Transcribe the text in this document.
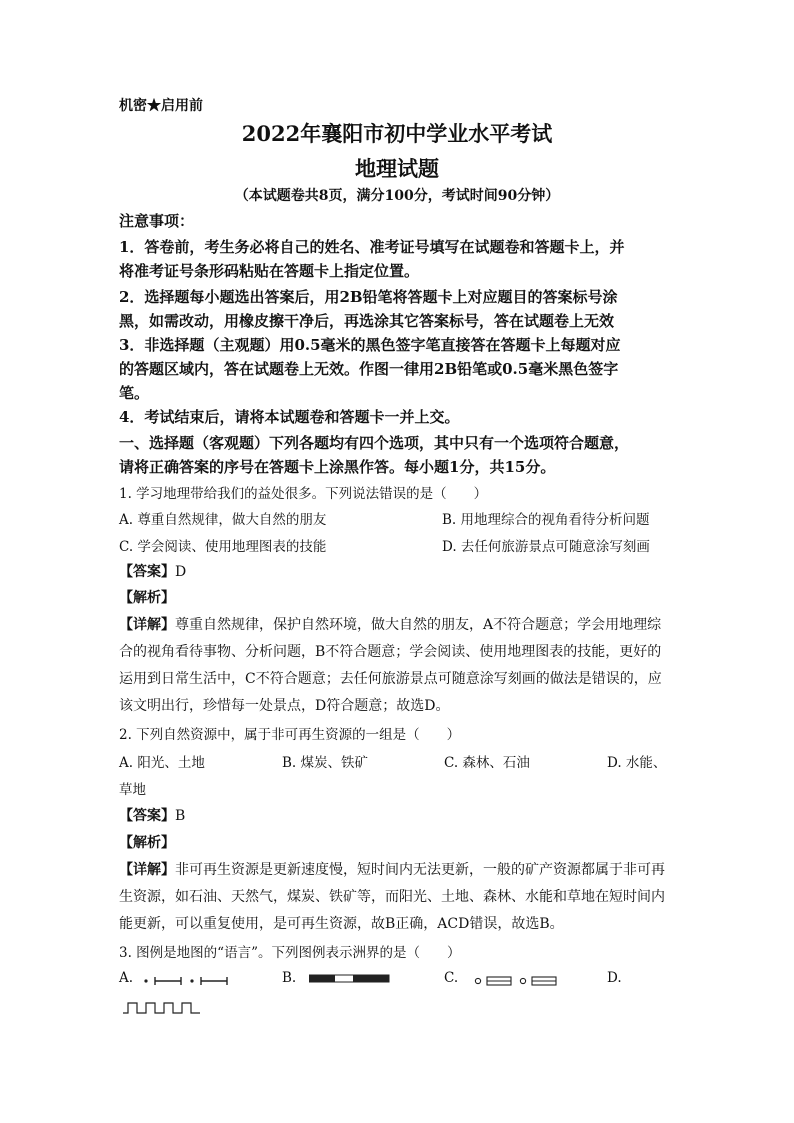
机密★启用前
2022年襄阳市初中学业水平考试
地理试题
（本试题卷共8页，满分100分，考试时间90分钟）
注意事项：
1．答卷前，考生务必将自己的姓名、准考证号填写在试题卷和答题卡上，并
将准考证号条形码粘贴在答题卡上指定位置。
2．选择题每小题选出答案后，用2B铅笔将答题卡上对应题目的答案标号涂
黑，如需改动，用橡皮擦干净后，再选涂其它答案标号，答在试题卷上无效
3．非选择题（主观题）用0.5毫米的黑色签字笔直接答在答题卡上每题对应
的答题区域内，答在试题卷上无效。作图一律用2B铅笔或0.5毫米黑色签字
笔。
4．考试结束后，请将本试题卷和答题卡一并上交。
一、选择题（客观题）下列各题均有四个选项，其中只有一个选项符合题意，
请将正确答案的序号在答题卡上涂黑作答。每小题1分，共15分。
1. 学习地理带给我们的益处很多。下列说法错误的是（　　）
A. 尊重自然规律，做大自然的朋友	B. 用地理综合的视角看待分析问题
C. 学会阅读、使用地理图表的技能	D. 去任何旅游景点可随意涂写刻画
【答案】D
【解析】
【详解】尊重自然规律，保护自然环境，做大自然的朋友，A不符合题意；学会用地理综
合的视角看待事物、分析问题，B不符合题意；学会阅读、使用地理图表的技能，更好的
运用到日常生活中，C不符合题意；去任何旅游景点可随意涂写刻画的做法是错误的，应
该文明出行，珍惜每一处景点，D符合题意；故选D。
2. 下列自然资源中，属于非可再生资源的一组是（　　）
A. 阳光、土地	B. 煤炭、铁矿	C. 森林、石油	D. 水能、
草地
【答案】B
【解析】
【详解】非可再生资源是更新速度慢，短时间内无法更新，一般的矿产资源都属于非可再
生资源，如石油、天然气，煤炭、铁矿等，而阳光、土地、森林、水能和草地在短时间内
能更新，可以重复使用，是可再生资源，故B正确，ACD错误，故选B。
3. 图例是地图的“语言”。下列图例表示洲界的是（　　）
A.	B.	C.	D.
